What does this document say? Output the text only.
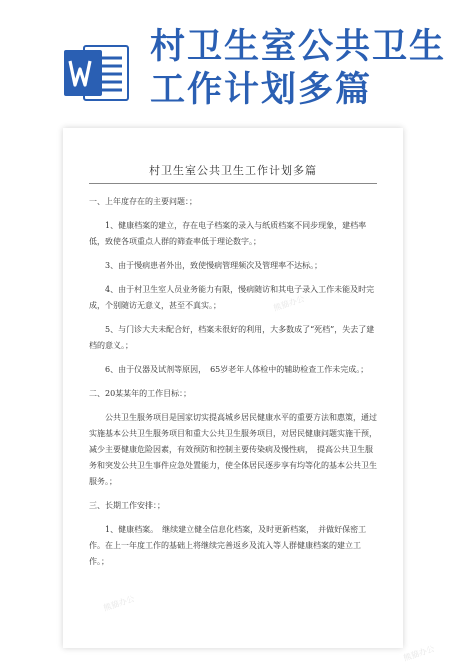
村卫生室公共卫生
工作计划多篇
村卫生室公共卫生工作计划多篇

一、上年度存在的主要问题：；

1、健康档案的建立，存在电子档案的录入与纸质档案不同步现象，建档率低，致使各项重点人群的筛查率低于理论数字。；

3、由于慢病患者外出，致使慢病管理频次及管理率不达标。；

4、由于村卫生室人员业务能力有限，慢病随访和其电子录入工作未能及时完成，个别随访无意义，甚至不真实。；

5、与门诊大夫未配合好，档案未很好的利用，大多数成了“死档”，失去了建档的意义。；

6、由于仪器及试剂等原因，　65岁老年人体检中的辅助检查工作未完成。；

二、20某某年的工作目标：；

公共卫生服务项目是国家切实提高城乡居民健康水平的重要方法和惠策，通过实施基本公共卫生服务项目和重大公共卫生服务项目，对居民健康问题实施干预，减少主要健康危险因素，有效预防和控制主要传染病及慢性病，　提高公共卫生服务和突发公共卫生事件应急处置能力，使全体居民逐步享有均等化的基本公共卫生服务。；

三、长期工作安排：；

1、健康档案。　继续建立健全信息化档案，及时更新档案，　并做好保密工作。在上一年度工作的基础上将继续完善返乡及流入等人群健康档案的建立工作。；

熊猫办公
熊猫办公
熊猫办公
